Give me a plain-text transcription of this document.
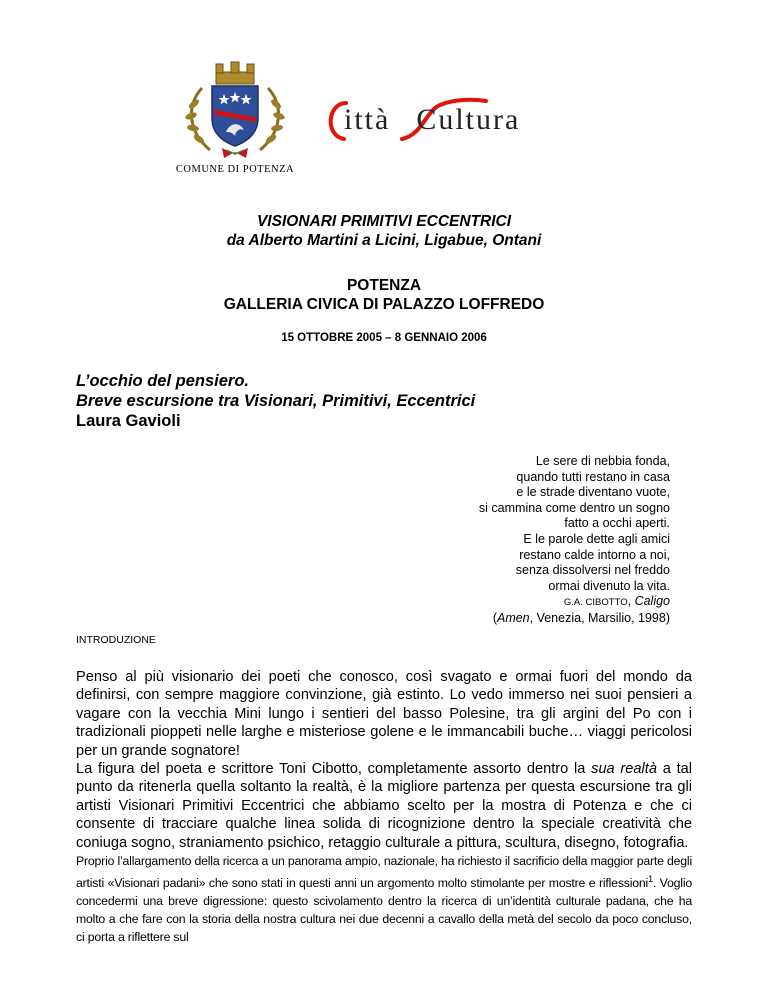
COMUNE DI POTENZA
ittà Cultura
VISIONARI PRIMITIVI ECCENTRICI
da Alberto Martini a Licini, Ligabue, Ontani
POTENZA
GALLERIA CIVICA DI PALAZZO LOFFREDO
15 OTTOBRE 2005 – 8 GENNAIO 2006
L’occhio del pensiero.
Breve escursione tra Visionari, Primitivi, Eccentrici
Laura Gavioli
Le sere di nebbia fonda,
quando tutti restano in casa
e le strade diventano vuote,
si cammina come dentro un sogno
fatto a occhi aperti.
E le parole dette agli amici
restano calde intorno a noi,
senza dissolversi nel freddo
ormai divenuto la vita.
G.A. CIBOTTO, Caligo
(Amen, Venezia, Marsilio, 1998)
INTRODUZIONE

Penso al più visionario dei poeti che conosco, così svagato e ormai fuori del mondo da definirsi, con sempre maggiore convinzione, già estinto. Lo vedo immerso nei suoi pensieri a vagare con la vecchia Mini lungo i sentieri del basso Polesine, tra gli argini del Po con i tradizionali pioppeti nelle larghe e misteriose golene e le immancabili buche… viaggi pericolosi per un grande sognatore!

La figura del poeta e scrittore Toni Cibotto, completamente assorto dentro la sua realtà a tal punto da ritenerla quella soltanto la realtà, è la migliore partenza per questa escursione tra gli artisti Visionari Primitivi Eccentrici che abbiamo scelto per la mostra di Potenza e che ci consente di tracciare qualche linea solida di ricognizione dentro la speciale creatività che coniuga sogno, straniamento psichico, retaggio culturale a pittura, scultura, disegno, fotografia.

Proprio l’allargamento della ricerca a un panorama ampio, nazionale, ha richiesto il sacrificio della maggior parte degli artisti «Visionari padani» che sono stati in questi anni un argomento molto stimolante per mostre e riflessioni$^1$. Voglio concedermi una breve digressione: questo scivolamento dentro la ricerca di un’identità culturale padana, che ha molto a che fare con la storia della nostra cultura nei due decenni a cavallo della metà del secolo da poco concluso, ci porta a riflettere sul
